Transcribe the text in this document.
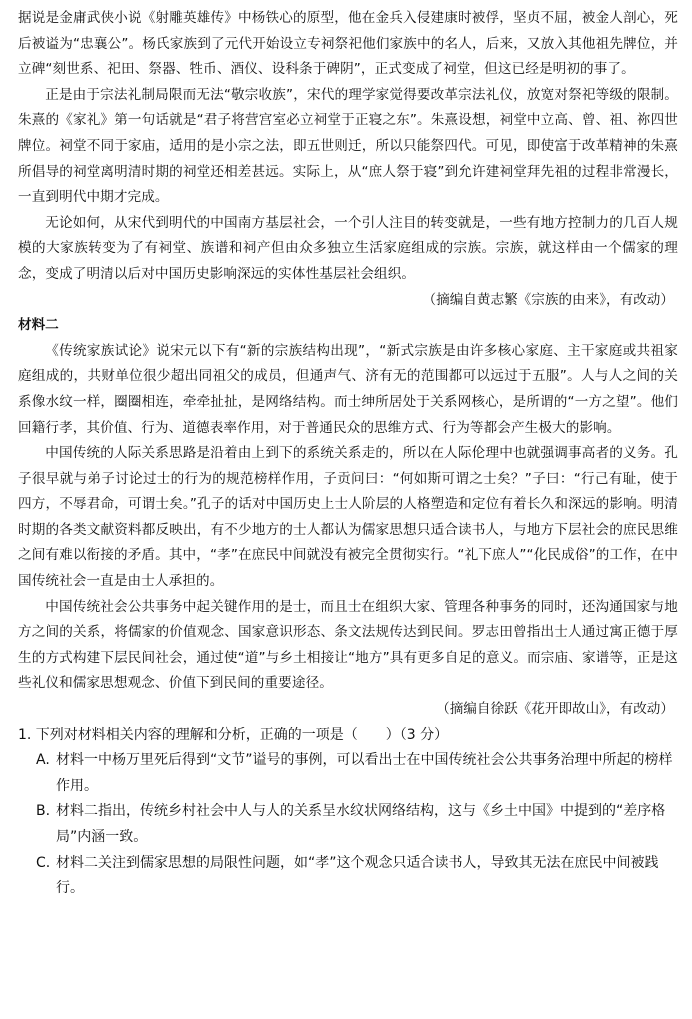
据说是金庸武侠小说《射雕英雄传》中杨铁心的原型，他在金兵入侵建康时被俘，坚贞不屈，被金人剖心，死后被谥为“忠襄公”。杨氏家族到了元代开始设立专祠祭祀他们家族中的名人，后来，又放入其他祖先牌位，并立碑“刻世系、祀田、祭器、牲币、酒仪、设科条于碑阴”，正式变成了祠堂，但这已经是明初的事了。

正是由于宗法礼制局限而无法“敬宗收族”，宋代的理学家觉得要改革宗法礼仪，放宽对祭祀等级的限制。朱熹的《家礼》第一句话就是“君子将营宫室必立祠堂于正寝之东”。朱熹设想，祠堂中立高、曾、祖、祢四世牌位。祠堂不同于家庙，适用的是小宗之法，即五世则迁，所以只能祭四代。可见，即使富于改革精神的朱熹所倡导的祠堂离明清时期的祠堂还相差甚远。实际上，从“庶人祭于寝”到允许建祠堂拜先祖的过程非常漫长，一直到明代中期才完成。

无论如何，从宋代到明代的中国南方基层社会，一个引人注目的转变就是，一些有地方控制力的几百人规模的大家族转变为了有祠堂、族谱和祠产但由众多独立生活家庭组成的宗族。宗族，就这样由一个儒家的理念，变成了明清以后对中国历史影响深远的实体性基层社会组织。

（摘编自黄志繁《宗族的由来》，有改动）

材料二

《传统家族试论》说宋元以下有“新的宗族结构出现”，“新式宗族是由许多核心家庭、主干家庭或共祖家庭组成的，共财单位很少超出同祖父的成员，但通声气、济有无的范围都可以远过于五服”。人与人之间的关系像水纹一样，圈圈相连，牵牵扯扯，是网络结构。而士绅所居处于关系网核心，是所谓的“一方之望”。他们回籍行孝，其价值、行为、道德表率作用，对于普通民众的思维方式、行为等都会产生极大的影响。

中国传统的人际关系思路是沿着由上到下的系统关系走的，所以在人际伦理中也就强调事高者的义务。孔子很早就与弟子讨论过士的行为的规范榜样作用，子贡问曰：“何如斯可谓之士矣？”子曰：“行己有耻，使于四方，不辱君命，可谓士矣。”孔子的话对中国历史上士人阶层的人格塑造和定位有着长久和深远的影响。明清时期的各类文献资料都反映出，有不少地方的士人都认为儒家思想只适合读书人，与地方下层社会的庶民思维之间有难以衔接的矛盾。其中，“孝”在庶民中间就没有被完全贯彻实行。“礼下庶人”“化民成俗”的工作，在中国传统社会一直是由士人承担的。

中国传统社会公共事务中起关键作用的是士，而且士在组织大家、管理各种事务的同时，还沟通国家与地方之间的关系，将儒家的价值观念、国家意识形态、条文法规传达到民间。罗志田曾指出士人通过寓正德于厚生的方式构建下层民间社会，通过使“道”与乡土相接让“地方”具有更多自足的意义。而宗庙、家谱等，正是这些礼仪和儒家思想观念、价值下到民间的重要途径。

（摘编自徐跃《花开即故山》，有改动）

1. 下列对材料相关内容的理解和分析，正确的一项是（　　）（3 分）

A. 材料一中杨万里死后得到“文节”谥号的事例，可以看出士在中国传统社会公共事务治理中所起的榜样作用。

B. 材料二指出，传统乡村社会中人与人的关系呈水纹状网络结构，这与《乡土中国》中提到的“差序格局”内涵一致。

C. 材料二关注到儒家思想的局限性问题，如“孝”这个观念只适合读书人，导致其无法在庶民中间被践行。
